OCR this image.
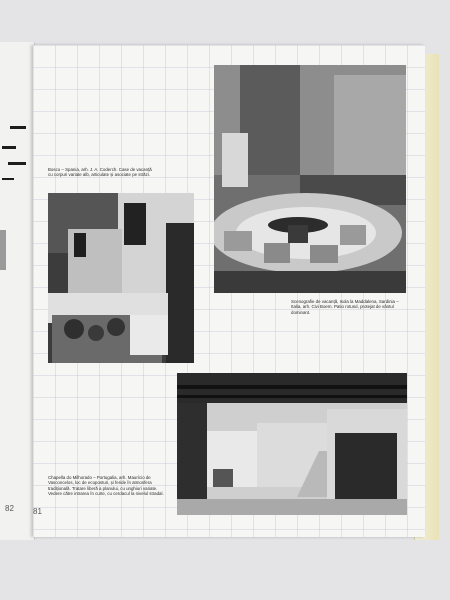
82

Bosco – Spania, arh. J. A. Coderch. Case de vacanță cu corpuri variate alb, articulate și asociate pe străzi.

Scenografie de vacanță, Isola la Maddalena, Sardinia – Italia, arh. Civi Boem. Patio rotund, protejat de vântul dominant.

Chapella do Milhorado – Portugalia, arh. Maurício de Vasconcelos, loc de ecoposturi, și feride în atmosfera tradițională. Tratare liberă a planului, cu unghiuri variate. Vedere către intrarea în curte, cu cerdacul la nivelul stradal.

81
